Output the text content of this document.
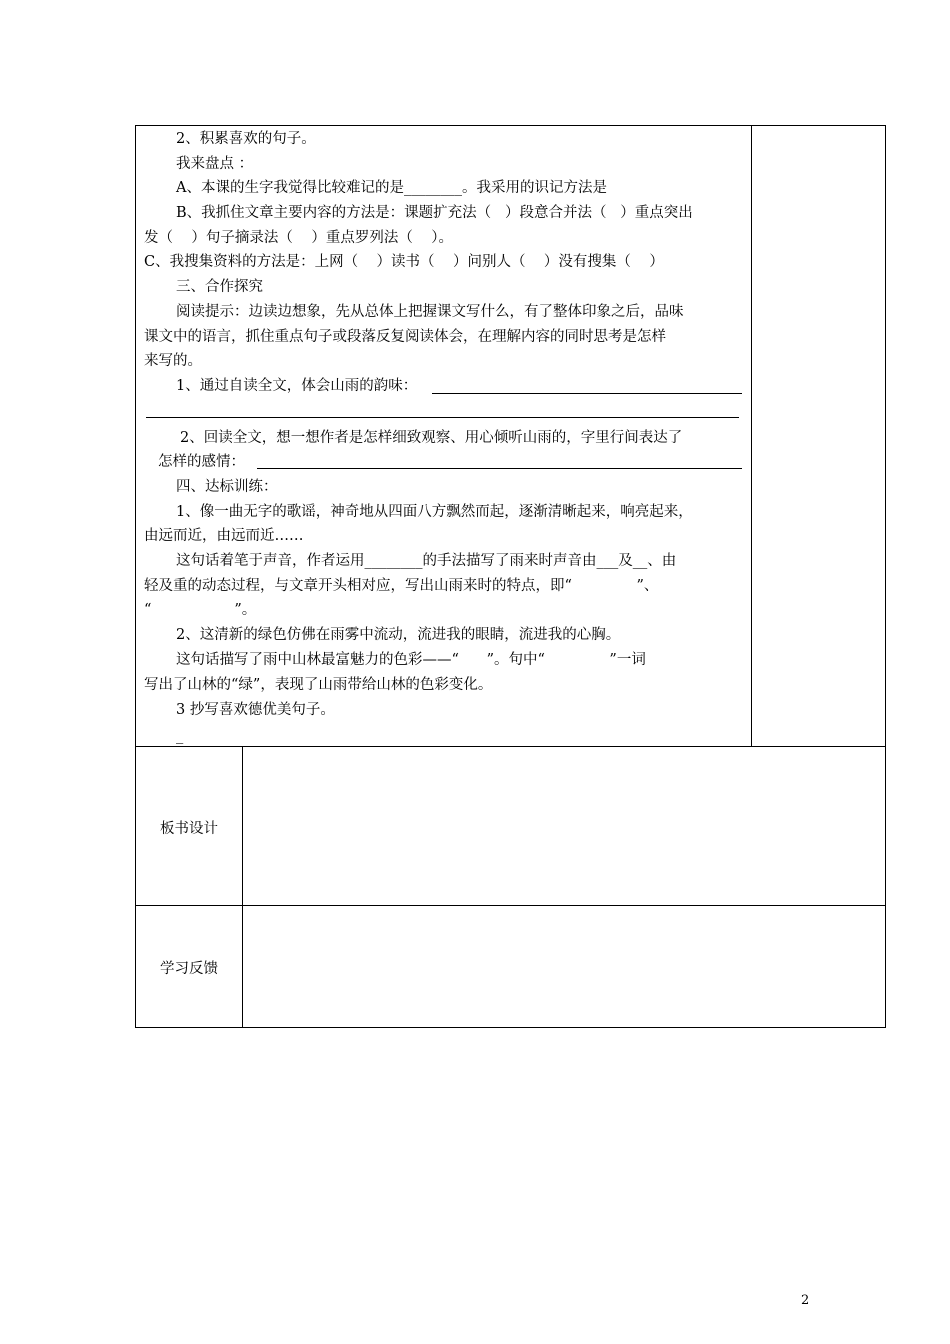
2、积累喜欢的句子。
我来盘点 ：
A、本课的生字我觉得比较难记的是________。我采用的识记方法是
B、我抓住文章主要内容的方法是：课题扩充法（   ）段意合并法（   ）重点突出
发（    ）句子摘录法（    ）重点罗列法（    ）。
C、我搜集资料的方法是：上网（    ）读书（    ）问别人（    ）没有搜集（    ）
三、合作探究
阅读提示：边读边想象，先从总体上把握课文写什么，有了整体印象之后，品味
课文中的语言，抓住重点句子或段落反复阅读体会，在理解内容的同时思考是怎样
来写的。
1、通过自读全文，体会山雨的韵味：
2、回读全文，想一想作者是怎样细致观察、用心倾听山雨的，字里行间表达了
怎样的感情：
四、达标训练：
1、像一曲无字的歌谣，神奇地从四面八方飘然而起，逐渐清晰起来，响亮起来，
由远而近，由远而近……
这句话着笔于声音，作者运用________的手法描写了雨来时声音由___及__、由
轻及重的动态过程，与文章开头相对应，写出山雨来时的特点，即“              ”、
“                  ”。
2、这清新的绿色仿佛在雨雾中流动，流进我的眼睛，流进我的心胸。
这句话描写了雨中山林最富魅力的色彩——“      ”。句中“              ”一词
写出了山林的“绿”，表现了山雨带给山林的色彩变化。
3 抄写喜欢德优美句子。
_
板书设计
学习反馈
2
